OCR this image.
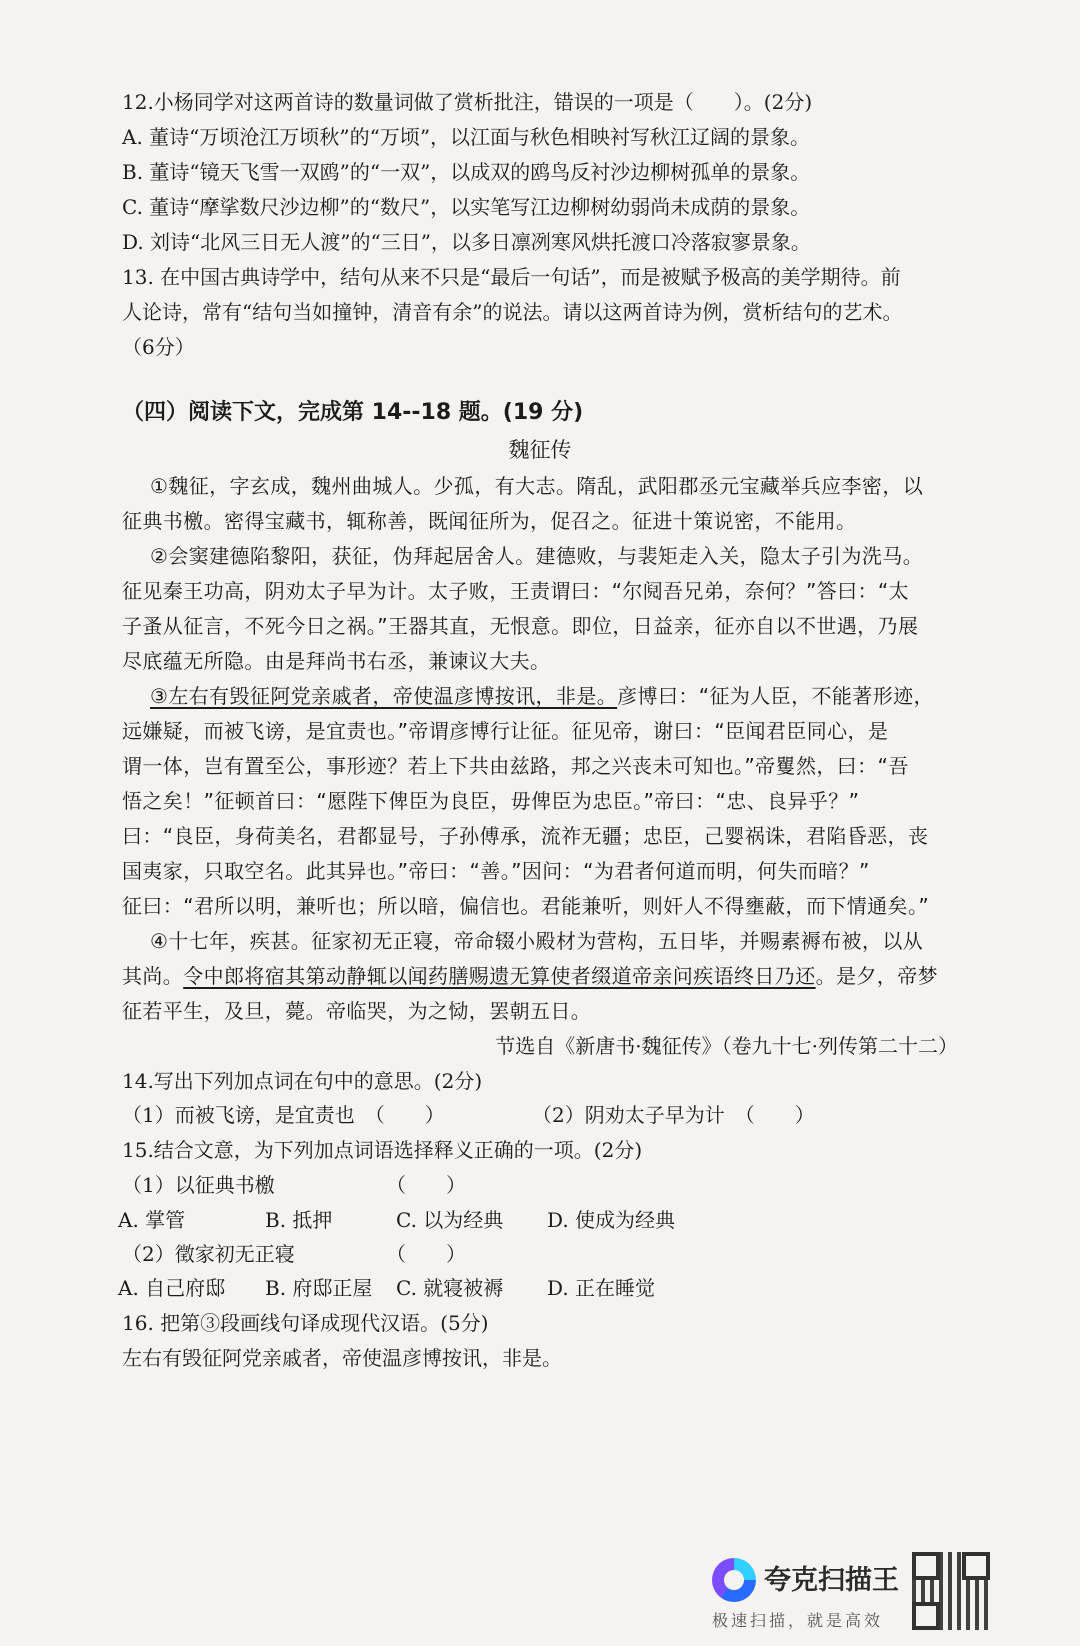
12.小杨同学对这两首诗的数量词做了赏析批注，错误的一项是（　　）。(2分)
A. 董诗“万顷沧江万顷秋”的“万顷”，以江面与秋色相映衬写秋江辽阔的景象。
B. 董诗“镜天飞雪一双鸥”的“一双”，以成双的鸥鸟反衬沙边柳树孤单的景象。
C. 董诗“摩挲数尺沙边柳”的“数尺”，以实笔写江边柳树幼弱尚未成荫的景象。
D. 刘诗“北风三日无人渡”的“三日”，以多日凛冽寒风烘托渡口冷落寂寥景象。
13. 在中国古典诗学中，结句从来不只是“最后一句话”，而是被赋予极高的美学期待。前
人论诗，常有“结句当如撞钟，清音有余”的说法。请以这两首诗为例，赏析结句的艺术。
（6分）
（四）阅读下文，完成第 14--18 题。(19 分)
魏征传
①魏征，字玄成，魏州曲城人。少孤，有大志。隋乱，武阳郡丞元宝藏举兵应李密，以
征典书檄。密得宝藏书，辄称善，既闻征所为，促召之。征进十策说密，不能用。
②会窦建德陷黎阳，获征，伪拜起居舍人。建德败，与裴矩走入关，隐太子引为洗马。
征见秦王功高，阴劝太子早为计。太子败，王责谓曰：“尔阋吾兄弟，奈何？”答曰：“太
子蚤从征言，不死今日之祸。”王器其直，无恨意。即位，日益亲，征亦自以不世遇，乃展
尽底蕴无所隐。由是拜尚书右丞，兼谏议大夫。
③左右有毁征阿党亲戚者，帝使温彦博按讯，非是。彦博曰：“征为人臣，不能著形迹，
远嫌疑，而被飞谤，是宜责也。”帝谓彦博行让征。征见帝，谢曰：“臣闻君臣同心，是
谓一体，岂有置至公，事形迹？若上下共由兹路，邦之兴丧未可知也。”帝矍然，曰：“吾
悟之矣！”征顿首曰：“愿陛下俾臣为良臣，毋俾臣为忠臣。”帝曰：“忠、良异乎？”
曰：“良臣，身荷美名，君都显号，子孙傅承，流祚无疆；忠臣，己婴祸诛，君陷昏恶，丧
国夷家，只取空名。此其异也。”帝曰：“善。”因问：“为君者何道而明，何失而暗？”
征曰：“君所以明，兼听也；所以暗，偏信也。君能兼听，则奸人不得壅蔽，而下情通矣。”
④十七年，疾甚。征家初无正寝，帝命辍小殿材为营构，五日毕，并赐素褥布被，以从
其尚。令中郎将宿其第动静辄以闻药膳赐遗无算使者缀道帝亲问疾语终日乃还。是夕，帝梦
征若平生，及旦，薨。帝临哭，为之恸，罢朝五日。
节选自《新唐书·魏征传》（卷九十七·列传第二十二）
14.写出下列加点词在句中的意思。(2分)
（1）而被飞谤，是宜责也　（　　）	（2）阴劝太子早为计　（　　）
15.结合文意，为下列加点词语选择释义正确的一项。(2分)
（1）以征典书檄	（　　）
A. 掌管	B. 抵押	C. 以为经典	D. 使成为经典
（2）徵家初无正寝	（　　）
A. 自己府邸	B. 府邸正屋	C. 就寝被褥	D. 正在睡觉
16. 把第③段画线句译成现代汉语。(5分)
左右有毁征阿党亲戚者，帝使温彦博按讯，非是。
夸克扫描王
极速扫描，就是高效
